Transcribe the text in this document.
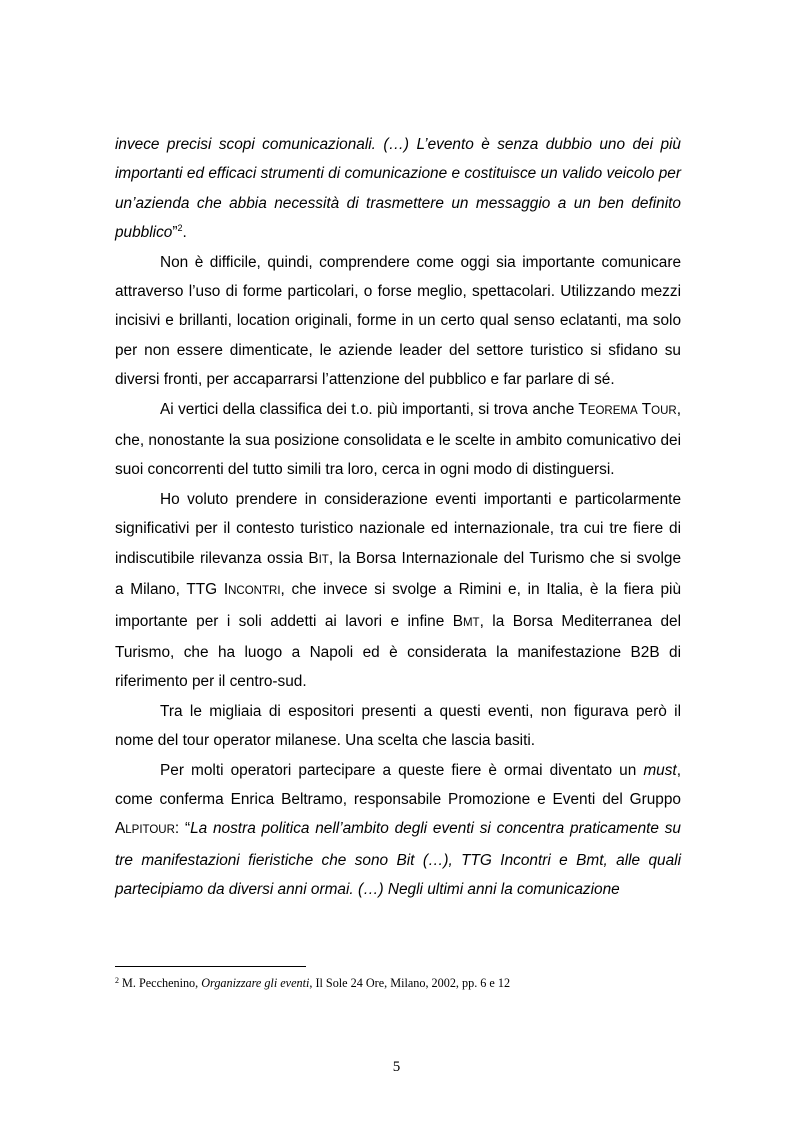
invece precisi scopi comunicazionali. (…) L’evento è senza dubbio uno dei più importanti ed efficaci strumenti di comunicazione e costituisce un valido veicolo per un’azienda che abbia necessità di trasmettere un messaggio a un ben definito pubblico”$^2$.

Non è difficile, quindi, comprendere come oggi sia importante comunicare attraverso l’uso di forme particolari, o forse meglio, spettacolari. Utilizzando mezzi incisivi e brillanti, location originali, forme in un certo qual senso eclatanti, ma solo per non essere dimenticate, le aziende leader del settore turistico si sfidano su diversi fronti, per accaparrarsi l’attenzione del pubblico e far parlare di sé.

Ai vertici della classifica dei t.o. più importanti, si trova anche TEOREMA TOUR, che, nonostante la sua posizione consolidata e le scelte in ambito comunicativo dei suoi concorrenti del tutto simili tra loro, cerca in ogni modo di distinguersi.

Ho voluto prendere in considerazione eventi importanti e particolarmente significativi per il contesto turistico nazionale ed internazionale, tra cui tre fiere di indiscutibile rilevanza ossia BIT, la Borsa Internazionale del Turismo che si svolge a Milano, TTG INCONTRI, che invece si svolge a Rimini e, in Italia, è la fiera più importante per i soli addetti ai lavori e infine BMT, la Borsa Mediterranea del Turismo, che ha luogo a Napoli ed è considerata la manifestazione B2B di riferimento per il centro-sud.

Tra le migliaia di espositori presenti a questi eventi, non figurava però il nome del tour operator milanese. Una scelta che lascia basiti.

Per molti operatori partecipare a queste fiere è ormai diventato un must, come conferma Enrica Beltramo, responsabile Promozione e Eventi del Gruppo ALPITOUR: “La nostra politica nell’ambito degli eventi si concentra praticamente su tre manifestazioni fieristiche che sono Bit (…), TTG Incontri e Bmt, alle quali partecipiamo da diversi anni ormai. (…) Negli ultimi anni la comunicazione

$^2$ M. Pecchenino, Organizzare gli eventi, Il Sole 24 Ore, Milano, 2002, pp. 6 e 12
5
